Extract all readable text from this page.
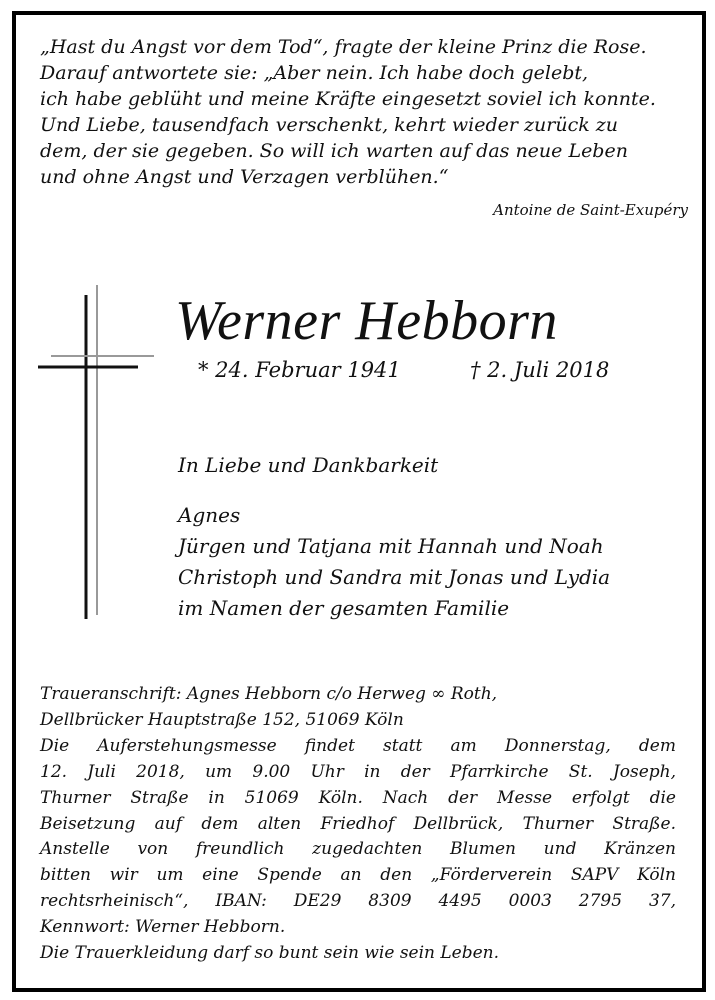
„Hast du Angst vor dem Tod“, fragte der kleine Prinz die Rose.
Darauf antwortete sie: „Aber nein. Ich habe doch gelebt,
ich habe geblüht und meine Kräfte eingesetzt soviel ich konnte.
Und Liebe, tausendfach verschenkt, kehrt wieder zurück zu
dem, der sie gegeben. So will ich warten auf das neue Leben
und ohne Angst und Verzagen verblühen.“
Antoine de Saint-Exupéry
Werner Hebborn
* 24. Februar 1941	† 2. Juli 2018
In Liebe und Dankbarkeit
Agnes
Jürgen und Tatjana mit Hannah und Noah
Christoph und Sandra mit Jonas und Lydia
im Namen der gesamten Familie
Traueranschrift: Agnes Hebborn c/o Herweg ∞ Roth,
Dellbrücker Hauptstraße 152, 51069 Köln
Die Auferstehungsmesse findet statt am Donnerstag, dem
12. Juli 2018, um 9.00 Uhr in der Pfarrkirche St. Joseph,
Thurner Straße in 51069 Köln. Nach der Messe erfolgt die
Beisetzung auf dem alten Friedhof Dellbrück, Thurner Straße.
Anstelle von freundlich zugedachten Blumen und Kränzen
bitten wir um eine Spende an den „Förderverein SAPV Köln
rechtsrheinisch“, IBAN: DE29 8309 4495 0003 2795 37,
Kennwort: Werner Hebborn.
Die Trauerkleidung darf so bunt sein wie sein Leben.
